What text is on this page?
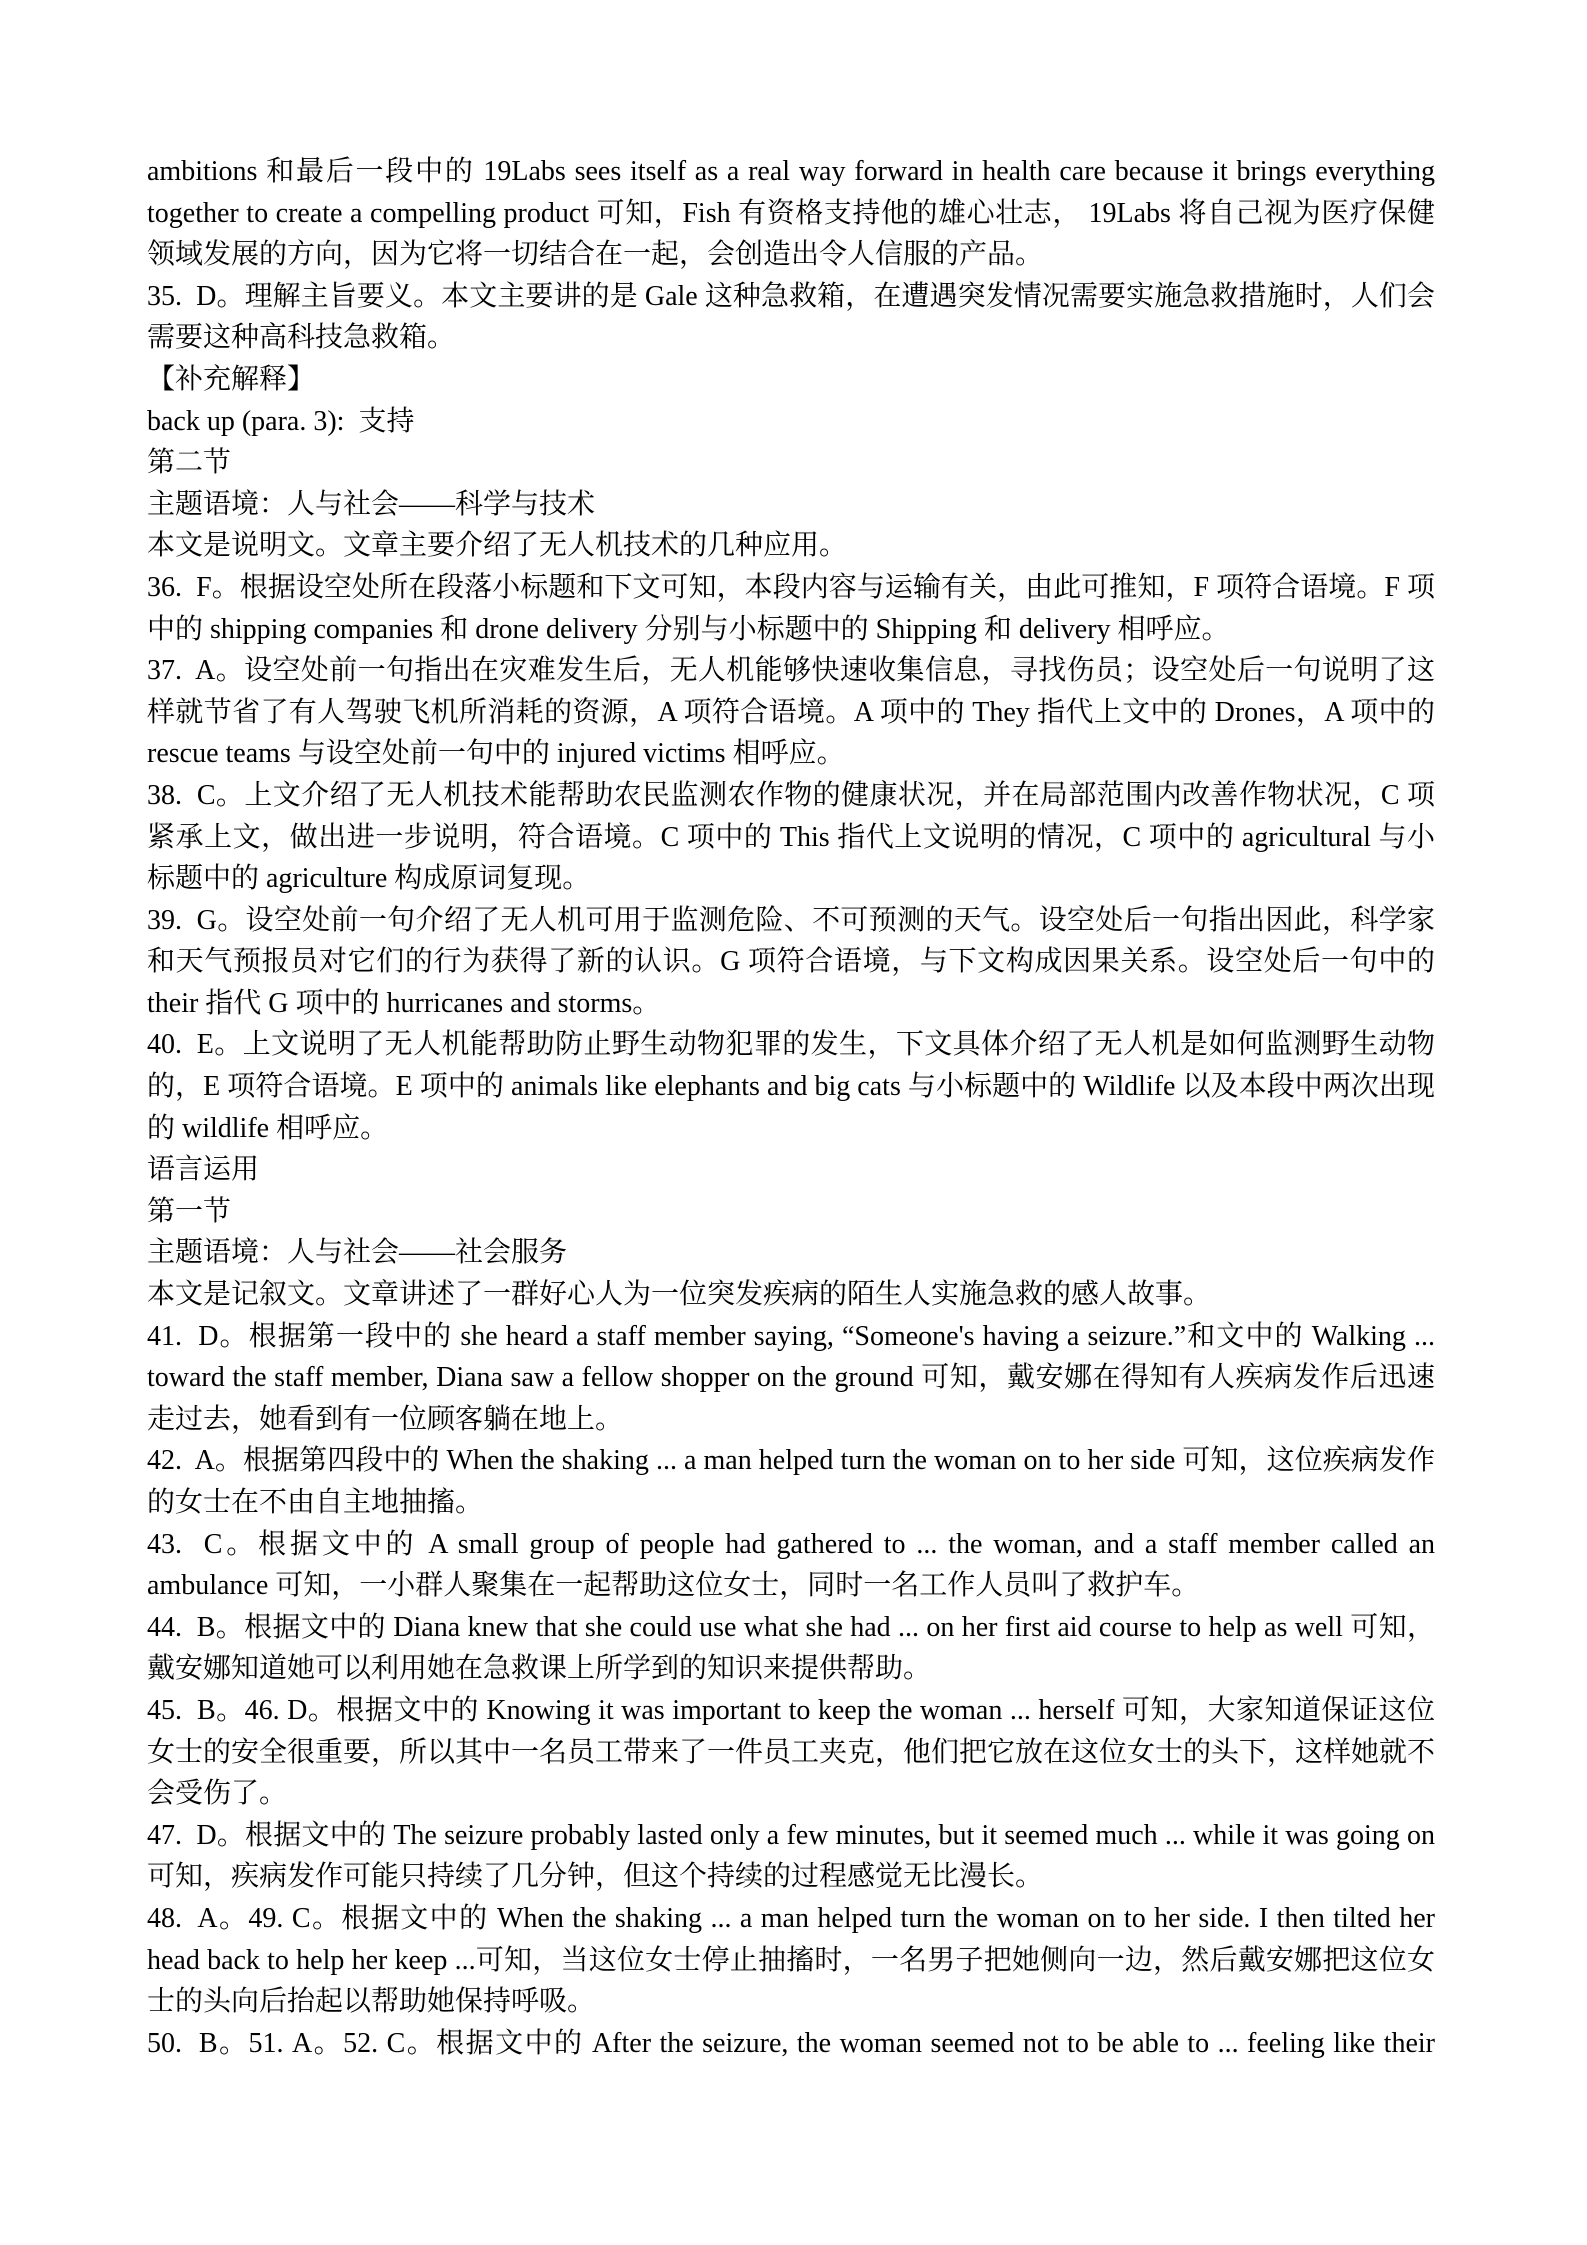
ambitions 和最后一段中的 19Labs sees itself as a real way forward in health care because it brings everything together to create a compelling product 可知，Fish 有资格支持他的雄心壮志， 19Labs 将自己视为医疗保健领域发展的方向，因为它将一切结合在一起，会创造出令人信服的产品。

35.  D。理解主旨要义。本文主要讲的是 Gale 这种急救箱，在遭遇突发情况需要实施急救措施时，人们会需要这种高科技急救箱。

【补充解释】

back up (para. 3):  支持

第二节

主题语境：人与社会——科学与技术

本文是说明文。文章主要介绍了无人机技术的几种应用。

36.  F。根据设空处所在段落小标题和下文可知，本段内容与运输有关，由此可推知，F 项符合语境。F 项中的 shipping companies 和 drone delivery 分别与小标题中的 Shipping 和 delivery 相呼应。

37.  A。设空处前一句指出在灾难发生后，无人机能够快速收集信息，寻找伤员；设空处后一句说明了这样就节省了有人驾驶飞机所消耗的资源，A 项符合语境。A 项中的 They 指代上文中的 Drones，A 项中的 rescue teams 与设空处前一句中的 injured victims 相呼应。

38.  C。上文介绍了无人机技术能帮助农民监测农作物的健康状况，并在局部范围内改善作物状况，C 项紧承上文，做出进一步说明，符合语境。C 项中的 This 指代上文说明的情况，C 项中的 agricultural 与小标题中的 agriculture 构成原词复现。

39.  G。设空处前一句介绍了无人机可用于监测危险、不可预测的天气。设空处后一句指出因此，科学家和天气预报员对它们的行为获得了新的认识。G 项符合语境，与下文构成因果关系。设空处后一句中的 their 指代 G 项中的 hurricanes and storms。

40.  E。上文说明了无人机能帮助防止野生动物犯罪的发生，下文具体介绍了无人机是如何监测野生动物的，E 项符合语境。E 项中的 animals like elephants and big cats 与小标题中的 Wildlife 以及本段中两次出现的 wildlife 相呼应。

语言运用

第一节

主题语境：人与社会——社会服务

本文是记叙文。文章讲述了一群好心人为一位突发疾病的陌生人实施急救的感人故事。

41.  D。根据第一段中的 she heard a staff member saying, “Someone's having a seizure.”和文中的 Walking ... toward the staff member, Diana saw a fellow shopper on the ground 可知，戴安娜在得知有人疾病发作后迅速走过去，她看到有一位顾客躺在地上。

42.  A。根据第四段中的 When the shaking ... a man helped turn the woman on to her side 可知，这位疾病发作的女士在不由自主地抽搐。

43.  C。根据文中的 A small group of people had gathered to ... the woman, and a staff member called an ambulance 可知，一小群人聚集在一起帮助这位女士，同时一名工作人员叫了救护车。

44.  B。根据文中的 Diana knew that she could use what she had ... on her first aid course to help as well 可知，戴安娜知道她可以利用她在急救课上所学到的知识来提供帮助。

45.  B。46. D。根据文中的 Knowing it was important to keep the woman ... herself 可知，大家知道保证这位女士的安全很重要，所以其中一名员工带来了一件员工夹克，他们把它放在这位女士的头下，这样她就不会受伤了。

47.  D。根据文中的 The seizure probably lasted only a few minutes, but it seemed much ... while it was going on 可知，疾病发作可能只持续了几分钟，但这个持续的过程感觉无比漫长。

48.  A。49. C。根据文中的 When the shaking ... a man helped turn the woman on to her side. I then tilted her head back to help her keep ...可知，当这位女士停止抽搐时，一名男子把她侧向一边，然后戴安娜把这位女士的头向后抬起以帮助她保持呼吸。

50.  B。51. A。52. C。根据文中的 After the seizure, the woman seemed not to be able to ... feeling like their
